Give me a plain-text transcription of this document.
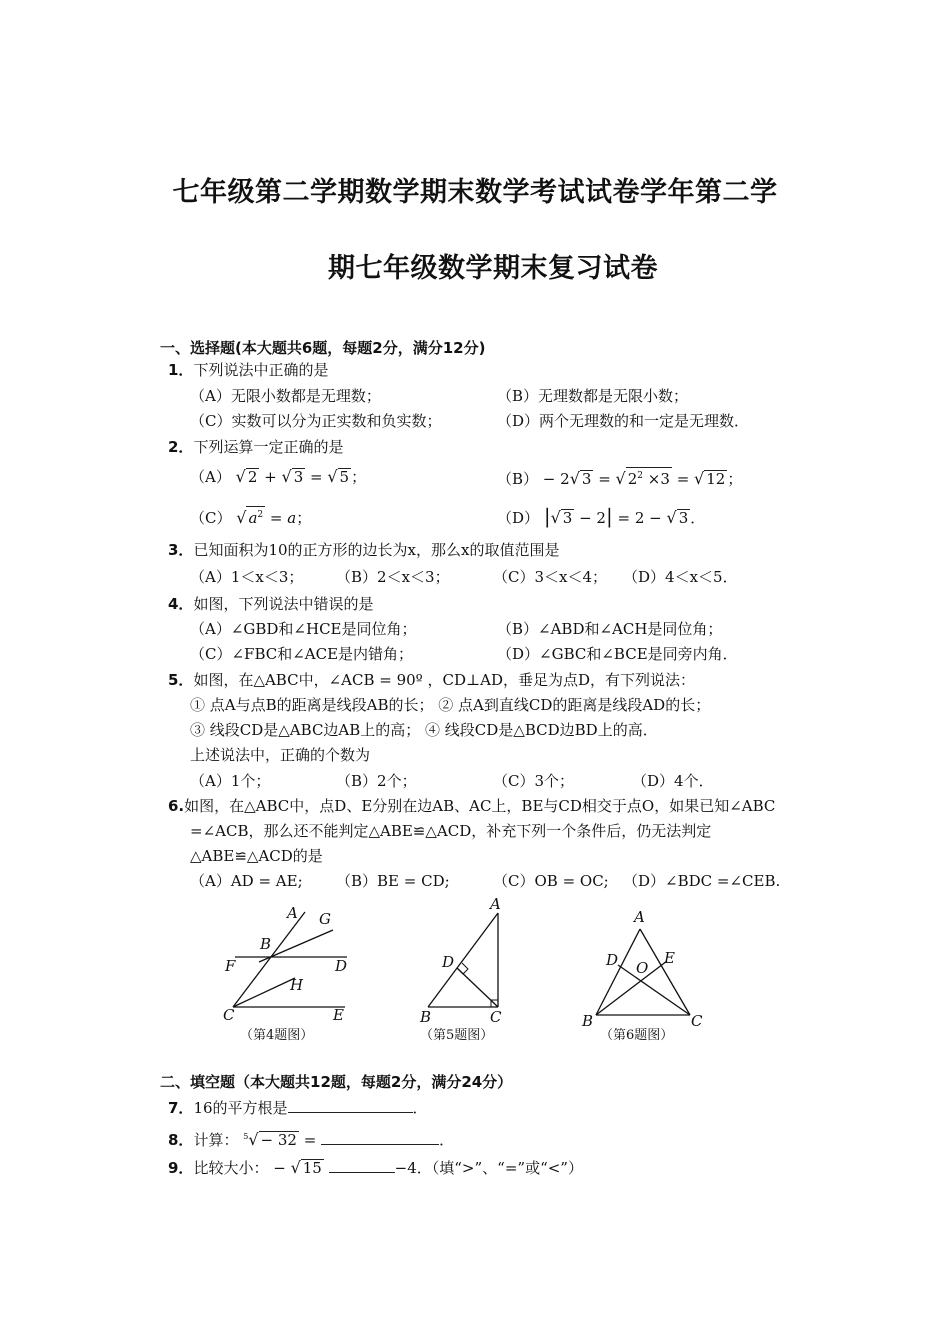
七年级第二学期数学期末数学考试试卷学年第二学
期七年级数学期末复习试卷
一、选择题(本大题共6题，每题2分，满分12分)
1．下列说法中正确的是
（A）无限小数都是无理数；	（B）无理数都是无限小数；
（C）实数可以分为正实数和负实数；	（D）两个无理数的和一定是无理数．
2．下列运算一定正确的是
（A） √ 2 + √ 3 = √ 5 ；	（B） − 2√ 3 = √ $2^2 \times 3$ = √ 12 ；
（C） √ $a^2 = a$；	（D） |√ 3 − 2| = 2 − √ 3 ．
3．已知面积为10的正方形的边长为x，那么x的取值范围是
（A）1＜x＜3； （B）2＜x＜3；	（C）3＜x＜4； （D）4＜x＜5．
4．如图，下列说法中错误的是
（A）∠GBD和∠HCE是同位角；	（B）∠ABD和∠ACH是同位角；
（C）∠FBC和∠ACE是内错角；	（D）∠GBC和∠BCE是同旁内角．
5．如图，在△ABC中，∠ACB = 90º ，CD⊥AD，垂足为点D，有下列说法：
① 点A与点B的距离是线段AB的长； ② 点A到直线CD的距离是线段AD的长；
③ 线段CD是△ABC边AB上的高； ④ 线段CD是△BCD边BD上的高．
上述说法中，正确的个数为
（A）1个；	（B）2个；	（C）3个；	（D）4个．
6.如图，在△ABC中，点D、E分别在边AB、AC上，BE与CD相交于点O，如果已知∠ABC
=∠ACB，那么还不能判定△ABE≌△ACD，补充下列一个条件后，仍无法判定
△ABE≌△ACD的是
（A）AD = AE; （B）BE = CD;	（C）OB = OC; （D）∠BDC =∠CEB.
A G
B
F	D
H
C	E
（第4题图）
A
D
B	C
（第5题图）
A
D O
E
B	C
（第6题图）
二、填空题（本大题共12题，每题2分，满分24分）
7．16的平方根是	．
8．计算： $^5$√ − 32 =	．
9．比较大小： − √ 15	−4．（填“>”、“=”或“<”）
